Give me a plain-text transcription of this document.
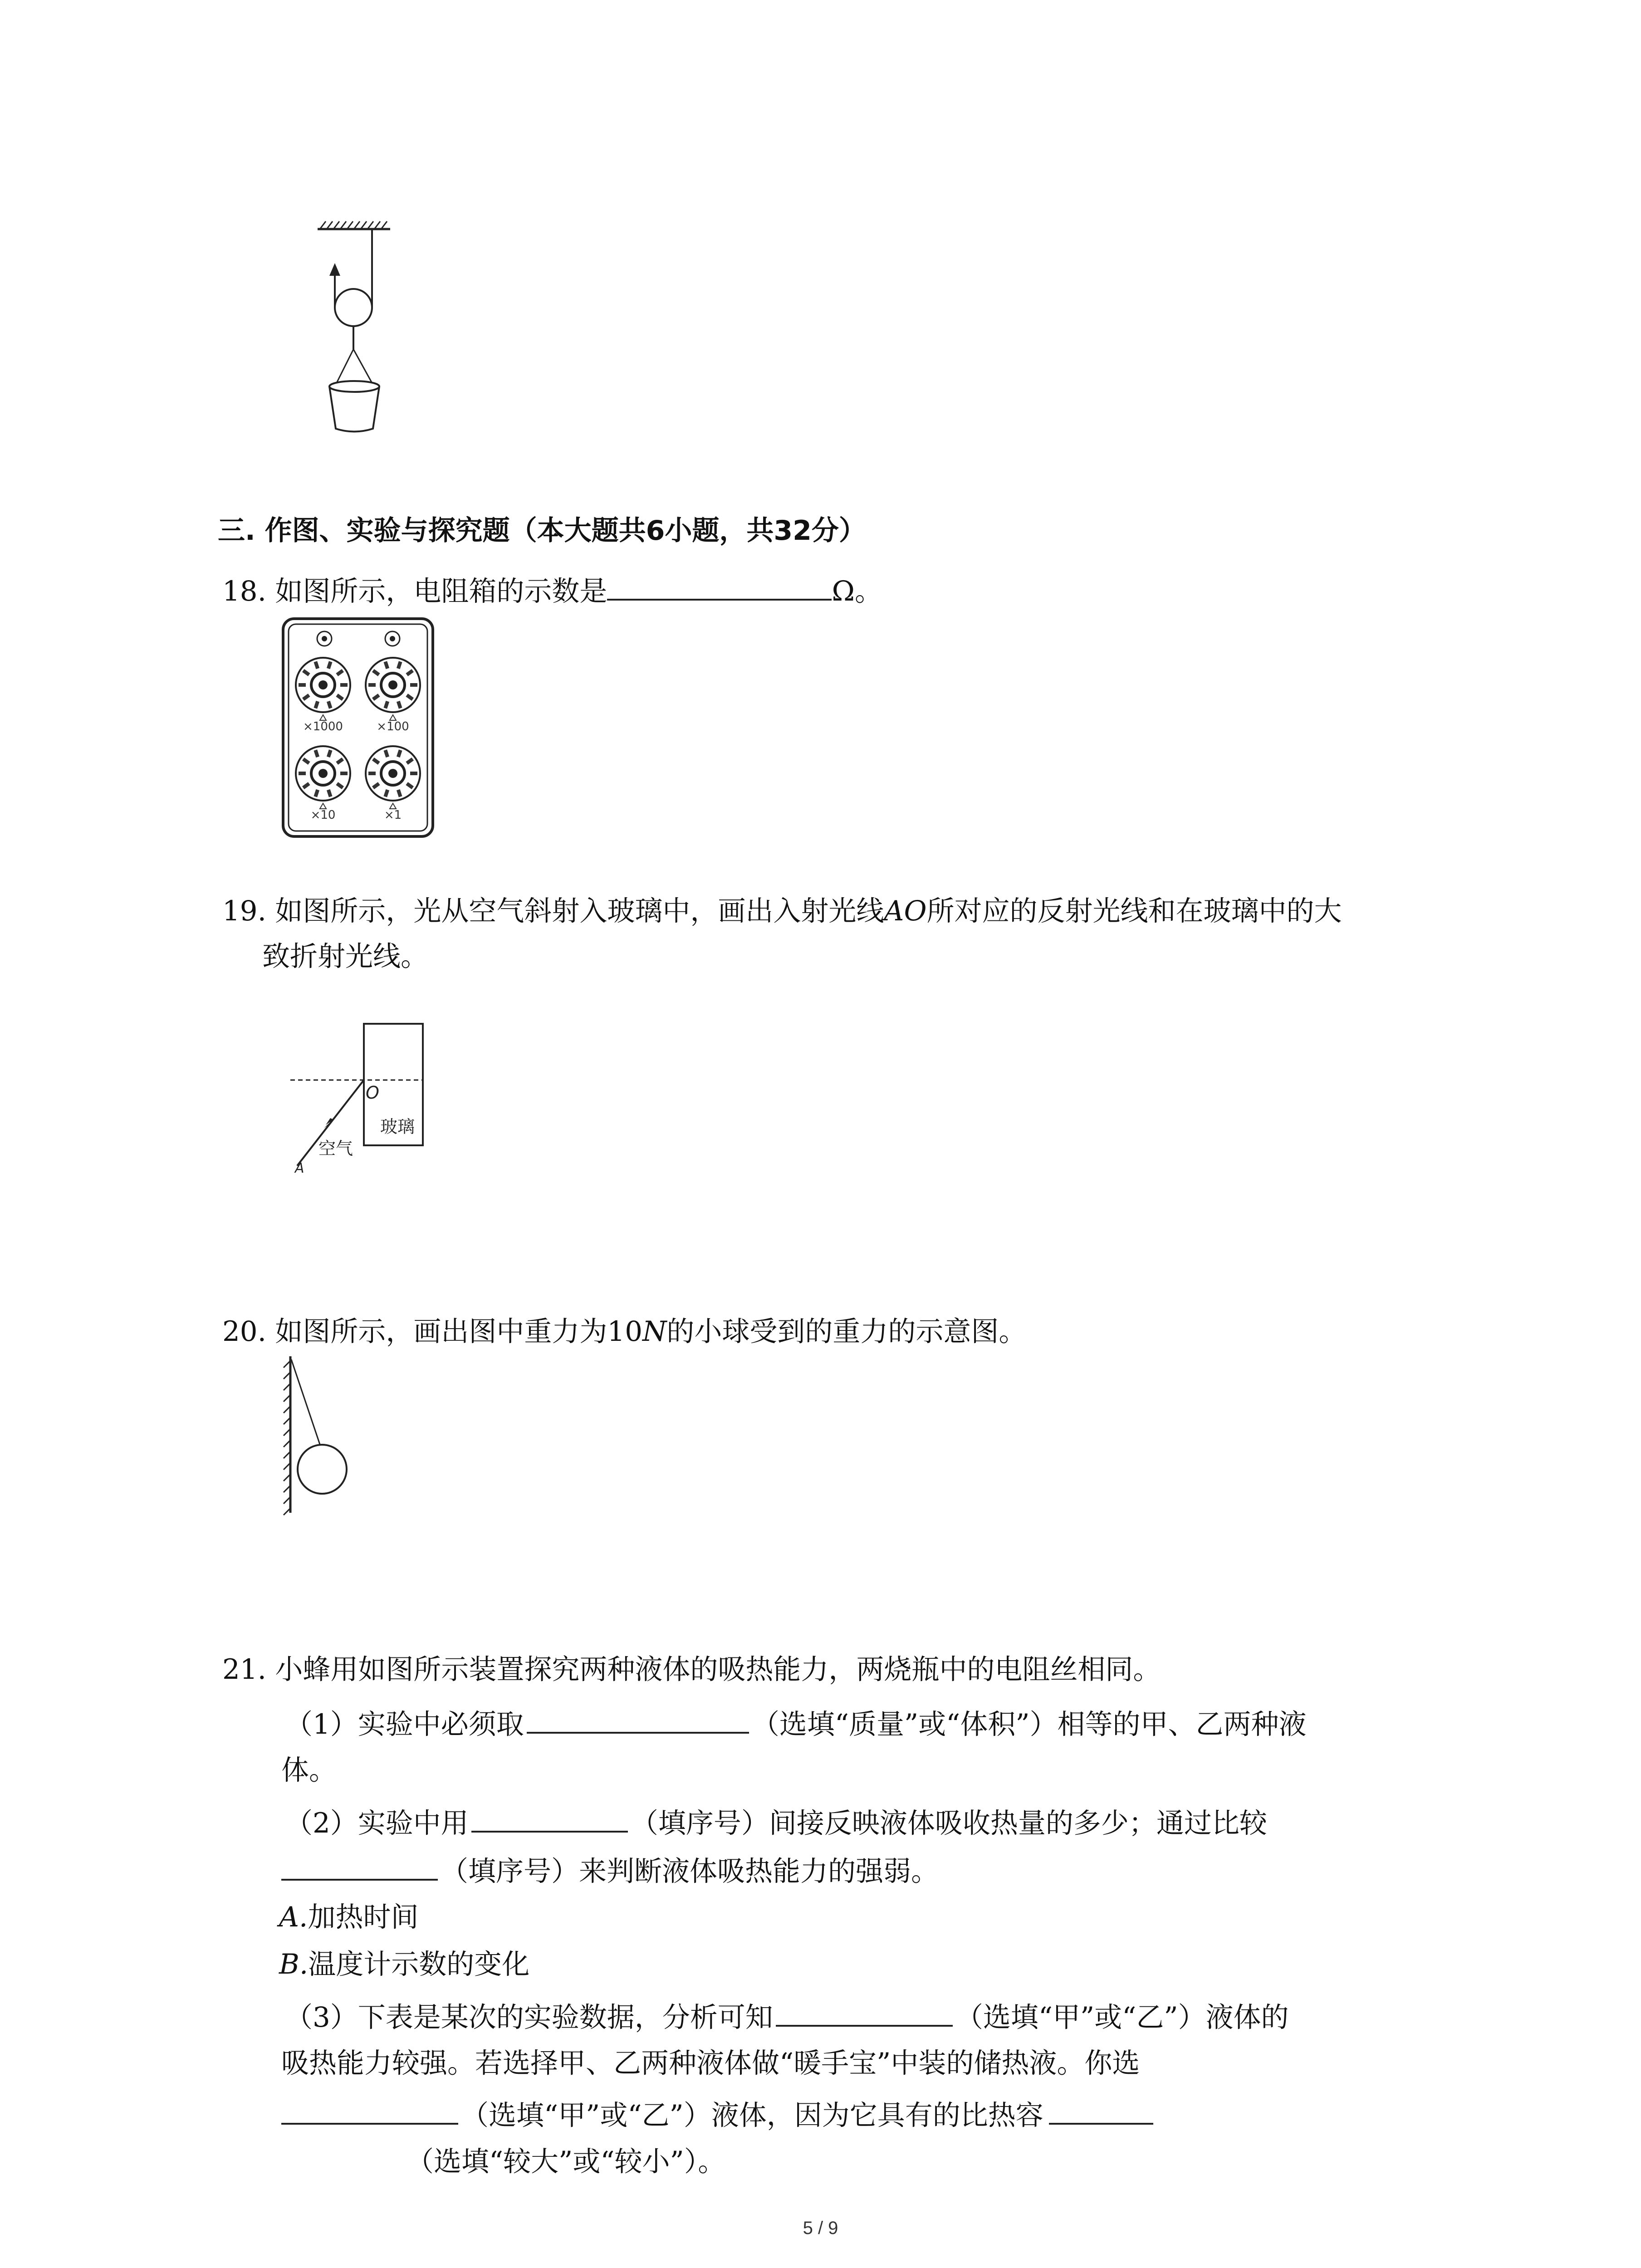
三. 作图、实验与探究题（本大题共6小题，共32分）
18. 如图所示，电阻箱的示数是	Ω。
×1000	×100
×10	×1
19. 如图所示，光从空气斜射入玻璃中，画出入射光线AO所对应的反射光线和在玻璃中的大
致折射光线。
O
玻璃
空气
A
20. 如图所示，画出图中重力为10N的小球受到的重力的示意图。
21. 小蜂用如图所示装置探究两种液体的吸热能力，两烧瓶中的电阻丝相同。
（1）实验中必须取	（选填“质量”或“体积”）相等的甲、乙两种液
体。
（2）实验中用	（填序号）间接反映液体吸收热量的多少；通过比较
（填序号）来判断液体吸热能力的强弱。
A.加热时间
B.温度计示数的变化
（3）下表是某次的实验数据，分析可知	（选填“甲”或“乙”）液体的
吸热能力较强。若选择甲、乙两种液体做“暖手宝”中装的储热液。你选
（选填“甲”或“乙”）液体，因为它具有的比热容
（选填“较大”或“较小”）。
5 / 9
